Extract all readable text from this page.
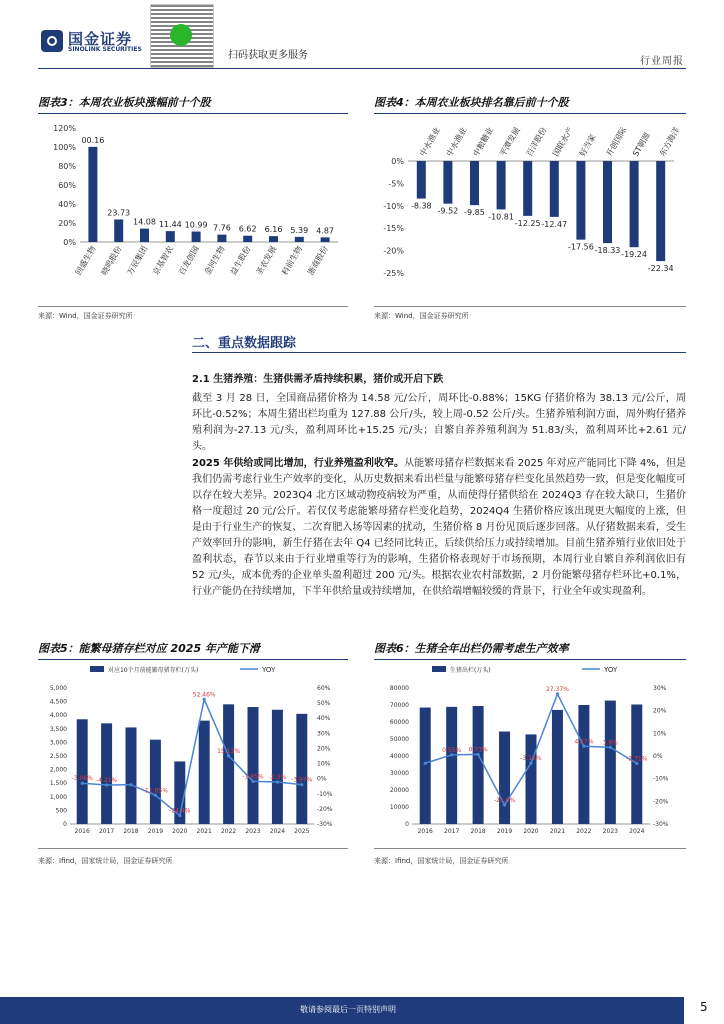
国金证券
SINOLINK SECURITIES
扫码获取更多服务
行业周报
图表3：本周农业板块涨幅前十个股
0%
20%
40%
60%
80%
100%
120%
00.16
回盛生物
23.73
晓鸣股份
14.08
万辰集团
11.44
京基智农
10.99
百龙创园
7.76
金河生物
6.62
益生股份
6.16
圣农发展
5.39
科前生物
4.87
浙商股份
来源：Wind，国金证券研究所
图表4：本周农业板块排名靠后前十个股
0%
-5%
-10%
-15%
-20%
-25%
-8.38
中水渔业
-9.52
中水渔业
-9.85
中粮糖业
-10.81
平潭发展
-12.25
百洋股份
-12.47
国联水产
-17.56
好当家
-18.33
开创国际
-19.24
ST朝源
-22.34
东方海洋
来源：Wind，国金证券研究所
二、重点数据跟踪
2.1 生猪养殖：生猪供需矛盾持续积累，猪价或开启下跌
截至 3 月 28 日，全国商品猪价格为 14.58 元/公斤，周环比-0.88%；15KG 仔猪价格为 38.13 元/公斤，周环比-0.52%；本周生猪出栏均重为 127.88 公斤/头，较上周-0.52 公斤/头。生猪养殖利润方面，周外购仔猪养殖利润为-27.13 元/头，盈利周环比+15.25 元/头；自繁自养养殖利润为 51.83/头，盈利周环比+2.61 元/头。
2025 年供给或同比增加，行业养殖盈利收窄。从能繁母猪存栏数据来看 2025 年对应产能同比下降 4%，但是我们仍需考虑行业生产效率的变化，从历史数据来看出栏量与能繁母猪存栏变化虽然趋势一致，但是变化幅度可以存在较大差异。2023Q4 北方区域动物疫病较为严重，从而使得仔猪供给在 2024Q3 存在较大缺口，生猪价格一度超过 20 元/公斤。若仅仅考虑能繁母猪存栏变化趋势，2024Q4 生猪价格应该出现更大幅度的上涨，但是由于行业生产的恢复、二次育肥入场等因素的扰动，生猪价格 8 月份见顶后逐步回落。从仔猪数据来看，受生产效率回升的影响，新生仔猪在去年 Q4 已经同比转正，后续供给压力或持续增加。目前生猪养殖行业依旧处于盈利状态，春节以来由于行业增重等行为的影响，生猪价格表现好于市场预期，本周行业自繁自养利润依旧有 52 元/头，成本优秀的企业单头盈利超过 200 元/头。根据农业农村部数据，2 月份能繁母猪存栏环比+0.1%，行业产能仍在持续增加，下半年供给量或持续增加，在供给端增幅较缓的背景下，行业全年或实现盈利。
图表5：能繁母猪存栏对应 2025 年产能下滑
对应10个月前能繁母猪存栏(万头)	YOY
0
500
1,000
1,500
2,000
2,500
3,000
3,500
4,000
4,500
5,000
-30%
-20%
-10%
0%
10%
20%
30%
40%
50%
60%
2016 2017 2018 2019 2020 2021 2022 2023 2024 2025
-3.06% -4.21%
-11.05%
-24.4%
52.46%
15.13%
-1.85% -2.3% -3.97%
来源：Ifind，国家统计局，国金证券研究所
图表6：生猪全年出栏仍需考虑生产效率
生猪出栏(万头)	YOY
0
10000
20000
30000
40000
50000
60000
70000
80000
-30%
-20%
-10%
0%
10%
20%
30%
2016 2017 2018 2019 2020 2021 2022 2023 2024
0.55% 0.73%
-21.6%
-3.15%
27.37%
4.27% 3.8%
-3.31%
来源：Ifind，国家统计局，国金证券研究所
敬请参阅最后一页特别声明	5
